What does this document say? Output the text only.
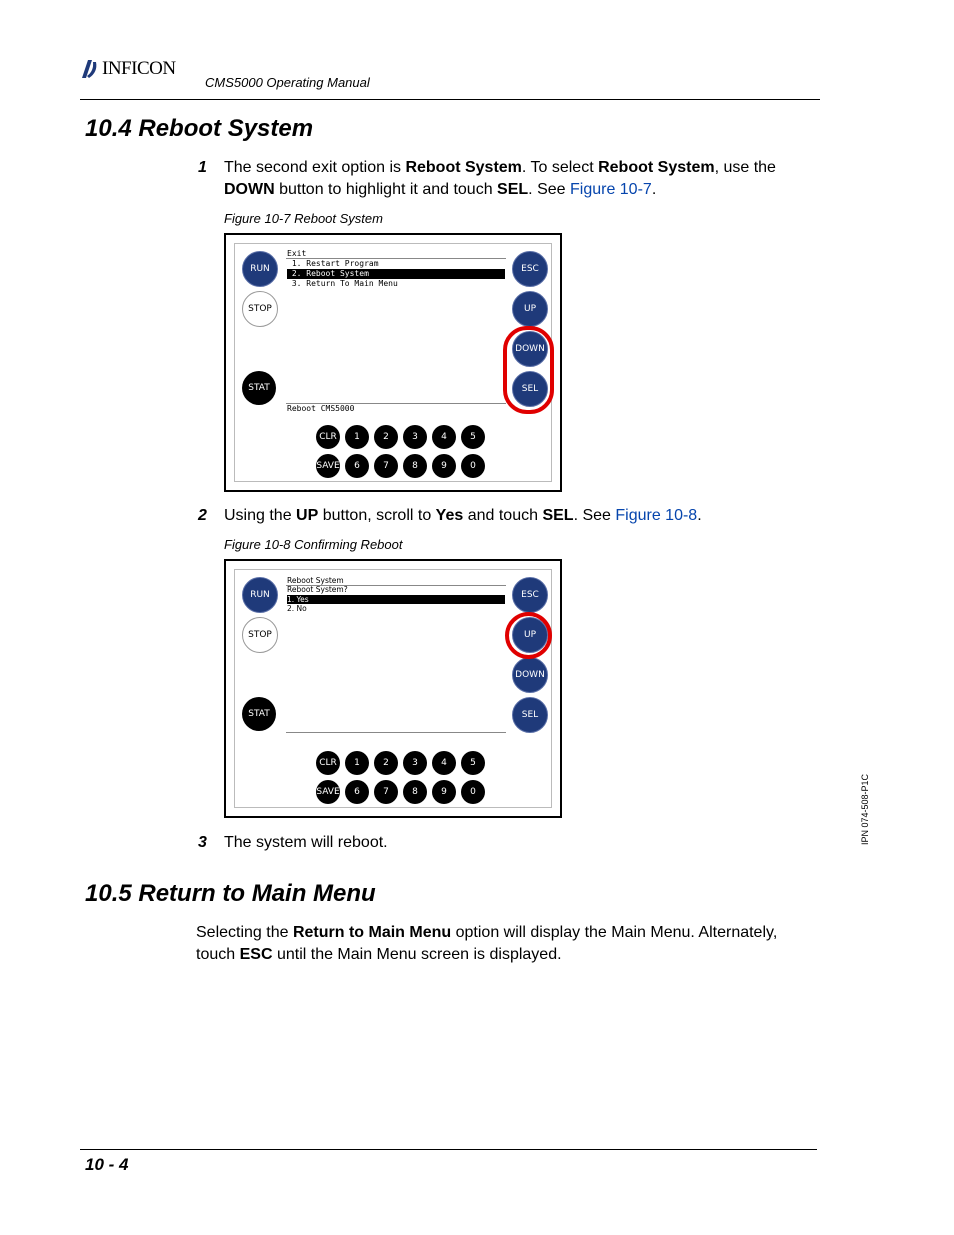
INFICON
CMS5000 Operating Manual
10.4 Reboot System
1 The second exit option is Reboot System. To select Reboot System, use the
DOWN button to highlight it and touch SEL. See Figure 10-7.
Figure 10-7 Reboot System
RUN
STOP
STAT
ESC
UP
DOWN
SEL
Exit
1. Restart Program
2. Reboot System
3. Return To Main Menu
Reboot CMS5000
CLR	1	2	3	4	5
SAVE	6	7	8	9	0
2 Using the UP button, scroll to Yes and touch SEL. See Figure 10-8.
Figure 10-8 Confirming Reboot
RUN
STOP
STAT
ESC
UP
DOWN
SEL
Reboot System
Reboot System?
1. Yes
2. No
CLR	1	2	3	4	5
SAVE	6	7	8	9	0
3 The system will reboot.
10.5 Return to Main Menu
Selecting the Return to Main Menu option will display the Main Menu. Alternately,
touch ESC until the Main Menu screen is displayed.
IPN 074-508-P1C
10 - 4
